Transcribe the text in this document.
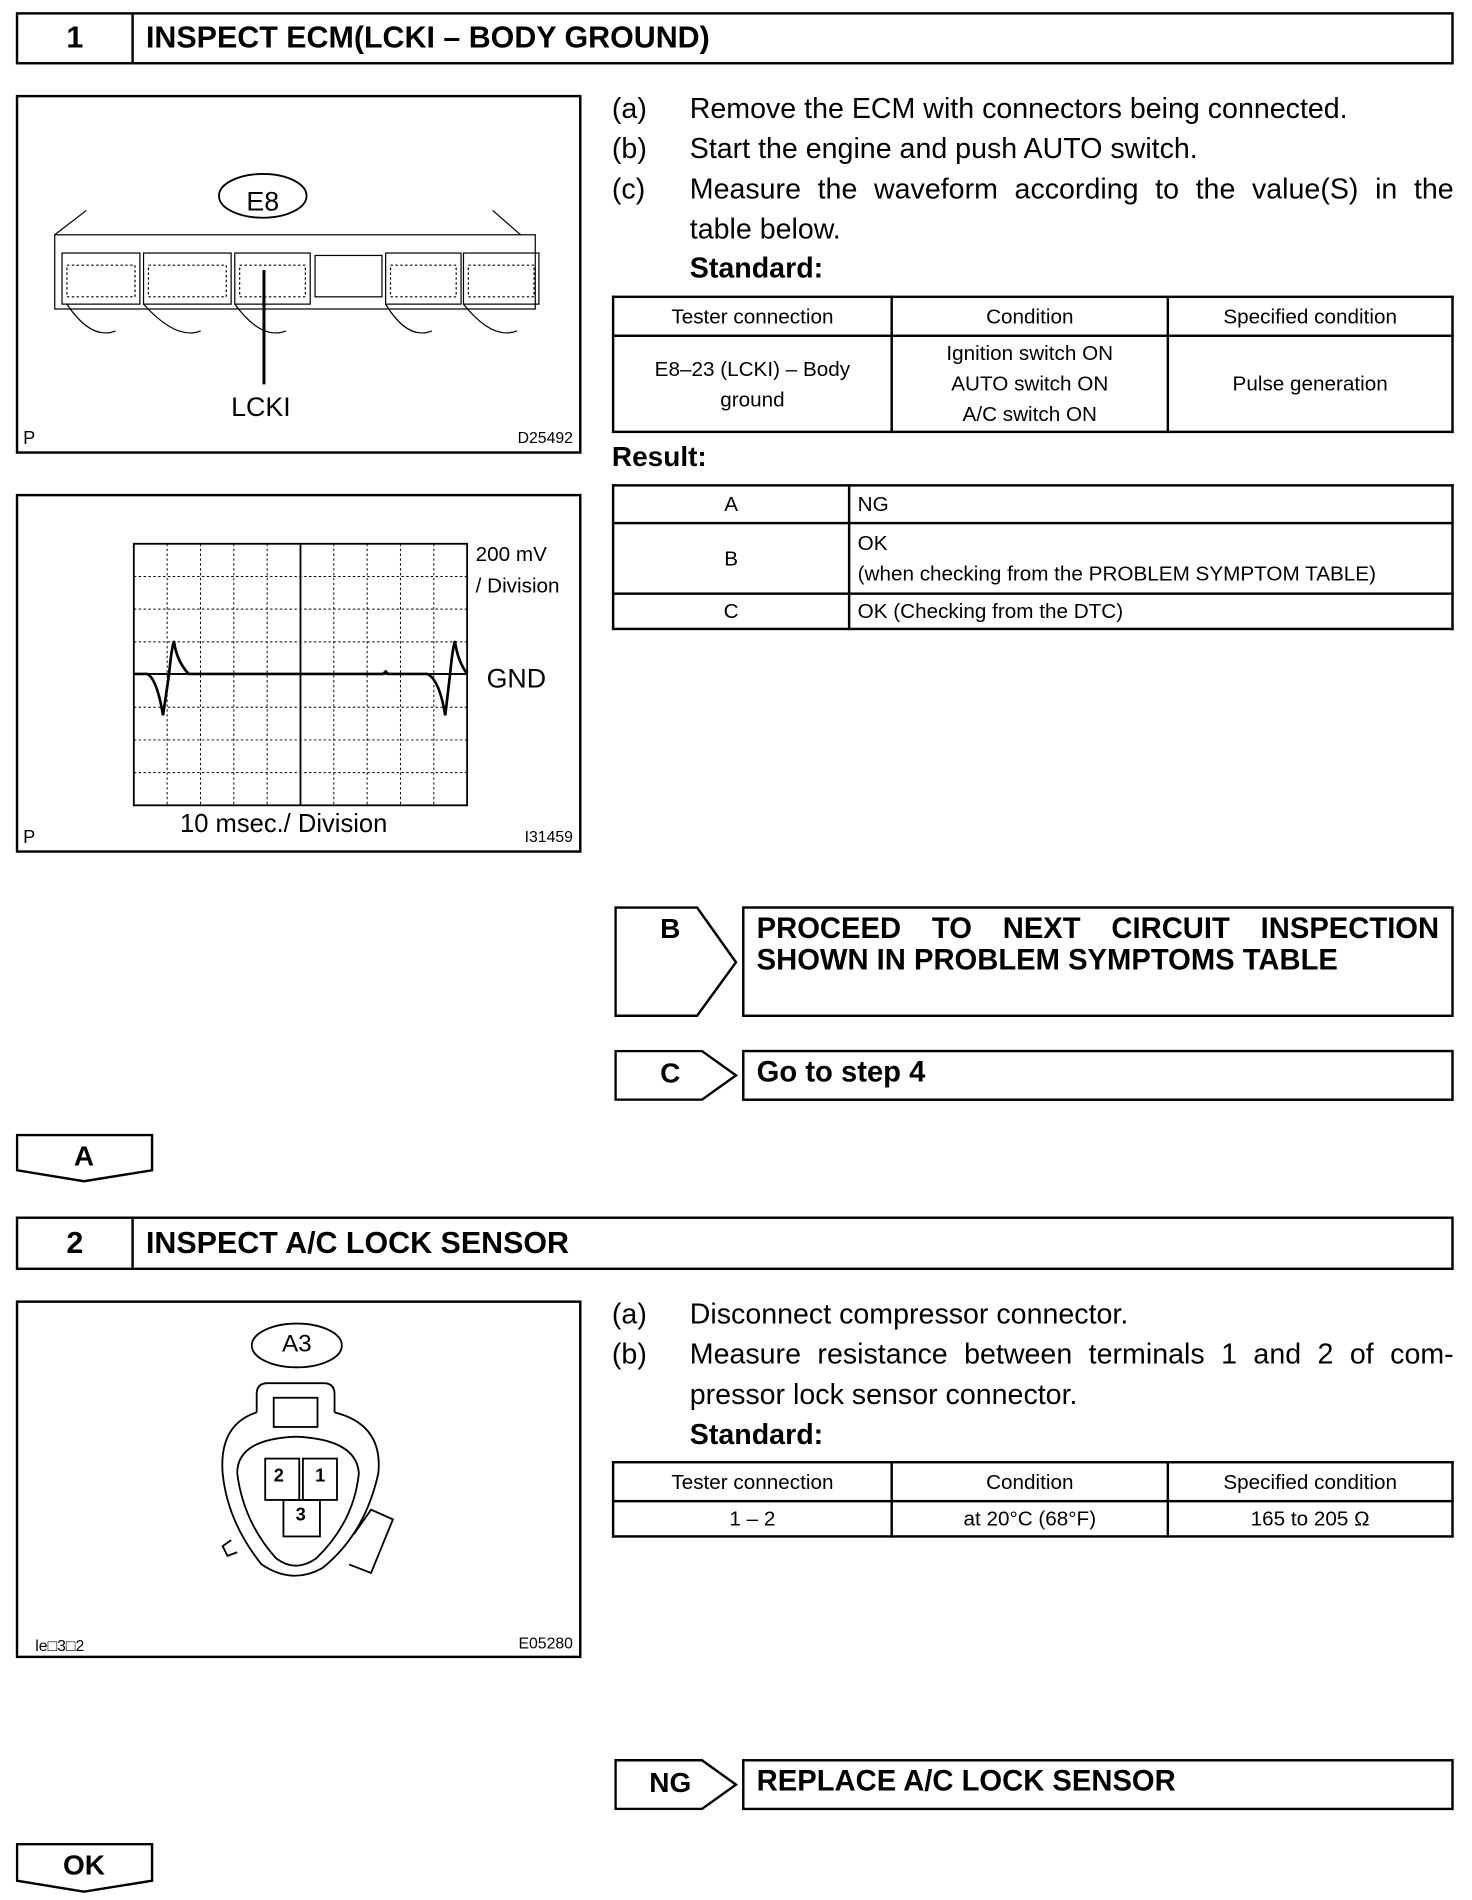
1	INSPECT ECM(LCKI – BODY GROUND)
E8
LCKI
P	D25492
200 mV
/ Division
GND
10 msec./ Division
P	I31459
(a) Remove the ECM with connectors being connected.
(b) Start the engine and push AUTO switch.
(c) Measure the waveform according to the value(S) in the table below.
Standard:
Tester connection	Condition	Specified condition
E8–23 (LCKI) – Body ground	Ignition switch ON
AUTO switch ON
A/C switch ON	Pulse generation
Result:
A	NG
B	OK
(when checking from the PROBLEM SYMPTOM TABLE)

C	OK (Checking from the DTC)
B	PROCEED TO NEXT CIRCUIT INSPECTION
SHOWN IN PROBLEM SYMPTOMS TABLE
C	Go to step 4
A
2	INSPECT A/C LOCK SENSOR
A3
2 1
3
le□3□2	E05280
(a) Disconnect compressor connector.
(b) Measure resistance between terminals 1 and 2 of com-pressor lock sensor connector.
Standard:
Tester connection	Condition	Specified condition
1 – 2	at 20°C (68°F)	165 to 205 Ω
NG	REPLACE A/C LOCK SENSOR
OK
